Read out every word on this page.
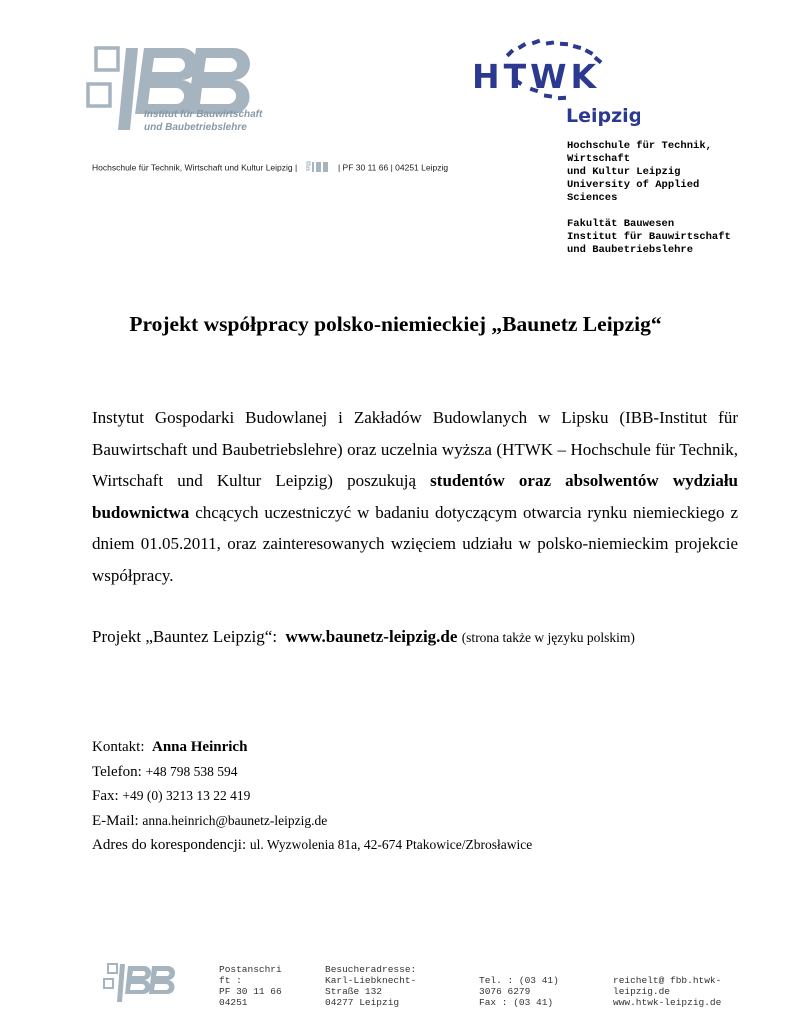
Institut für Bauwirtschaft
und Baubetriebslehre
Hochschule für Technik, Wirtschaft und Kultur Leipzig |	| PF 30 11 66 | 04251 Leipzig
HTWK
Leipzig
Hochschule für Technik,
Wirtschaft
und Kultur Leipzig
University of Applied
Sciences
Fakultät Bauwesen
Institut für Bauwirtschaft
und Baubetriebslehre
Projekt współpracy polsko-niemieckiej „Baunetz Leipzig“
Instytut Gospodarki Budowlanej i Zakładów Budowlanych w Lipsku (IBB-Institut für Bauwirtschaft und Baubetriebslehre) oraz uczelnia wyższa (HTWK – Hochschule für Technik, Wirtschaft und Kultur Leipzig) poszukują studentów oraz absolwentów wydziału budownictwa chcących uczestniczyć w badaniu dotyczącym otwarcia rynku niemieckiego z dniem 01.05.2011, oraz zainteresowanych wzięciem udziału w polsko-niemieckim projekcie współpracy.
Projekt „Bauntez Leipzig“: www.baunetz-leipzig.de (strona także w języku polskim)
Kontakt: Anna Heinrich
Telefon: +48 798 538 594
Fax: +49 (0) 3213 13 22 419
E-Mail: anna.heinrich@baunetz-leipzig.de
Adres do korespondencji: ul. Wyzwolenia 81a, 42-674 Ptakowice/Zbrosławice
Postanschri
ft :
PF 30 11 66
04251
Besucheradresse:
Karl-Liebknecht-
Straße 132
04277 Leipzig
Tel. : (03 41)
3076 6279
Fax : (03 41)
reichelt@ fbb.htwk-
leipzig.de
www.htwk-leipzig.de
